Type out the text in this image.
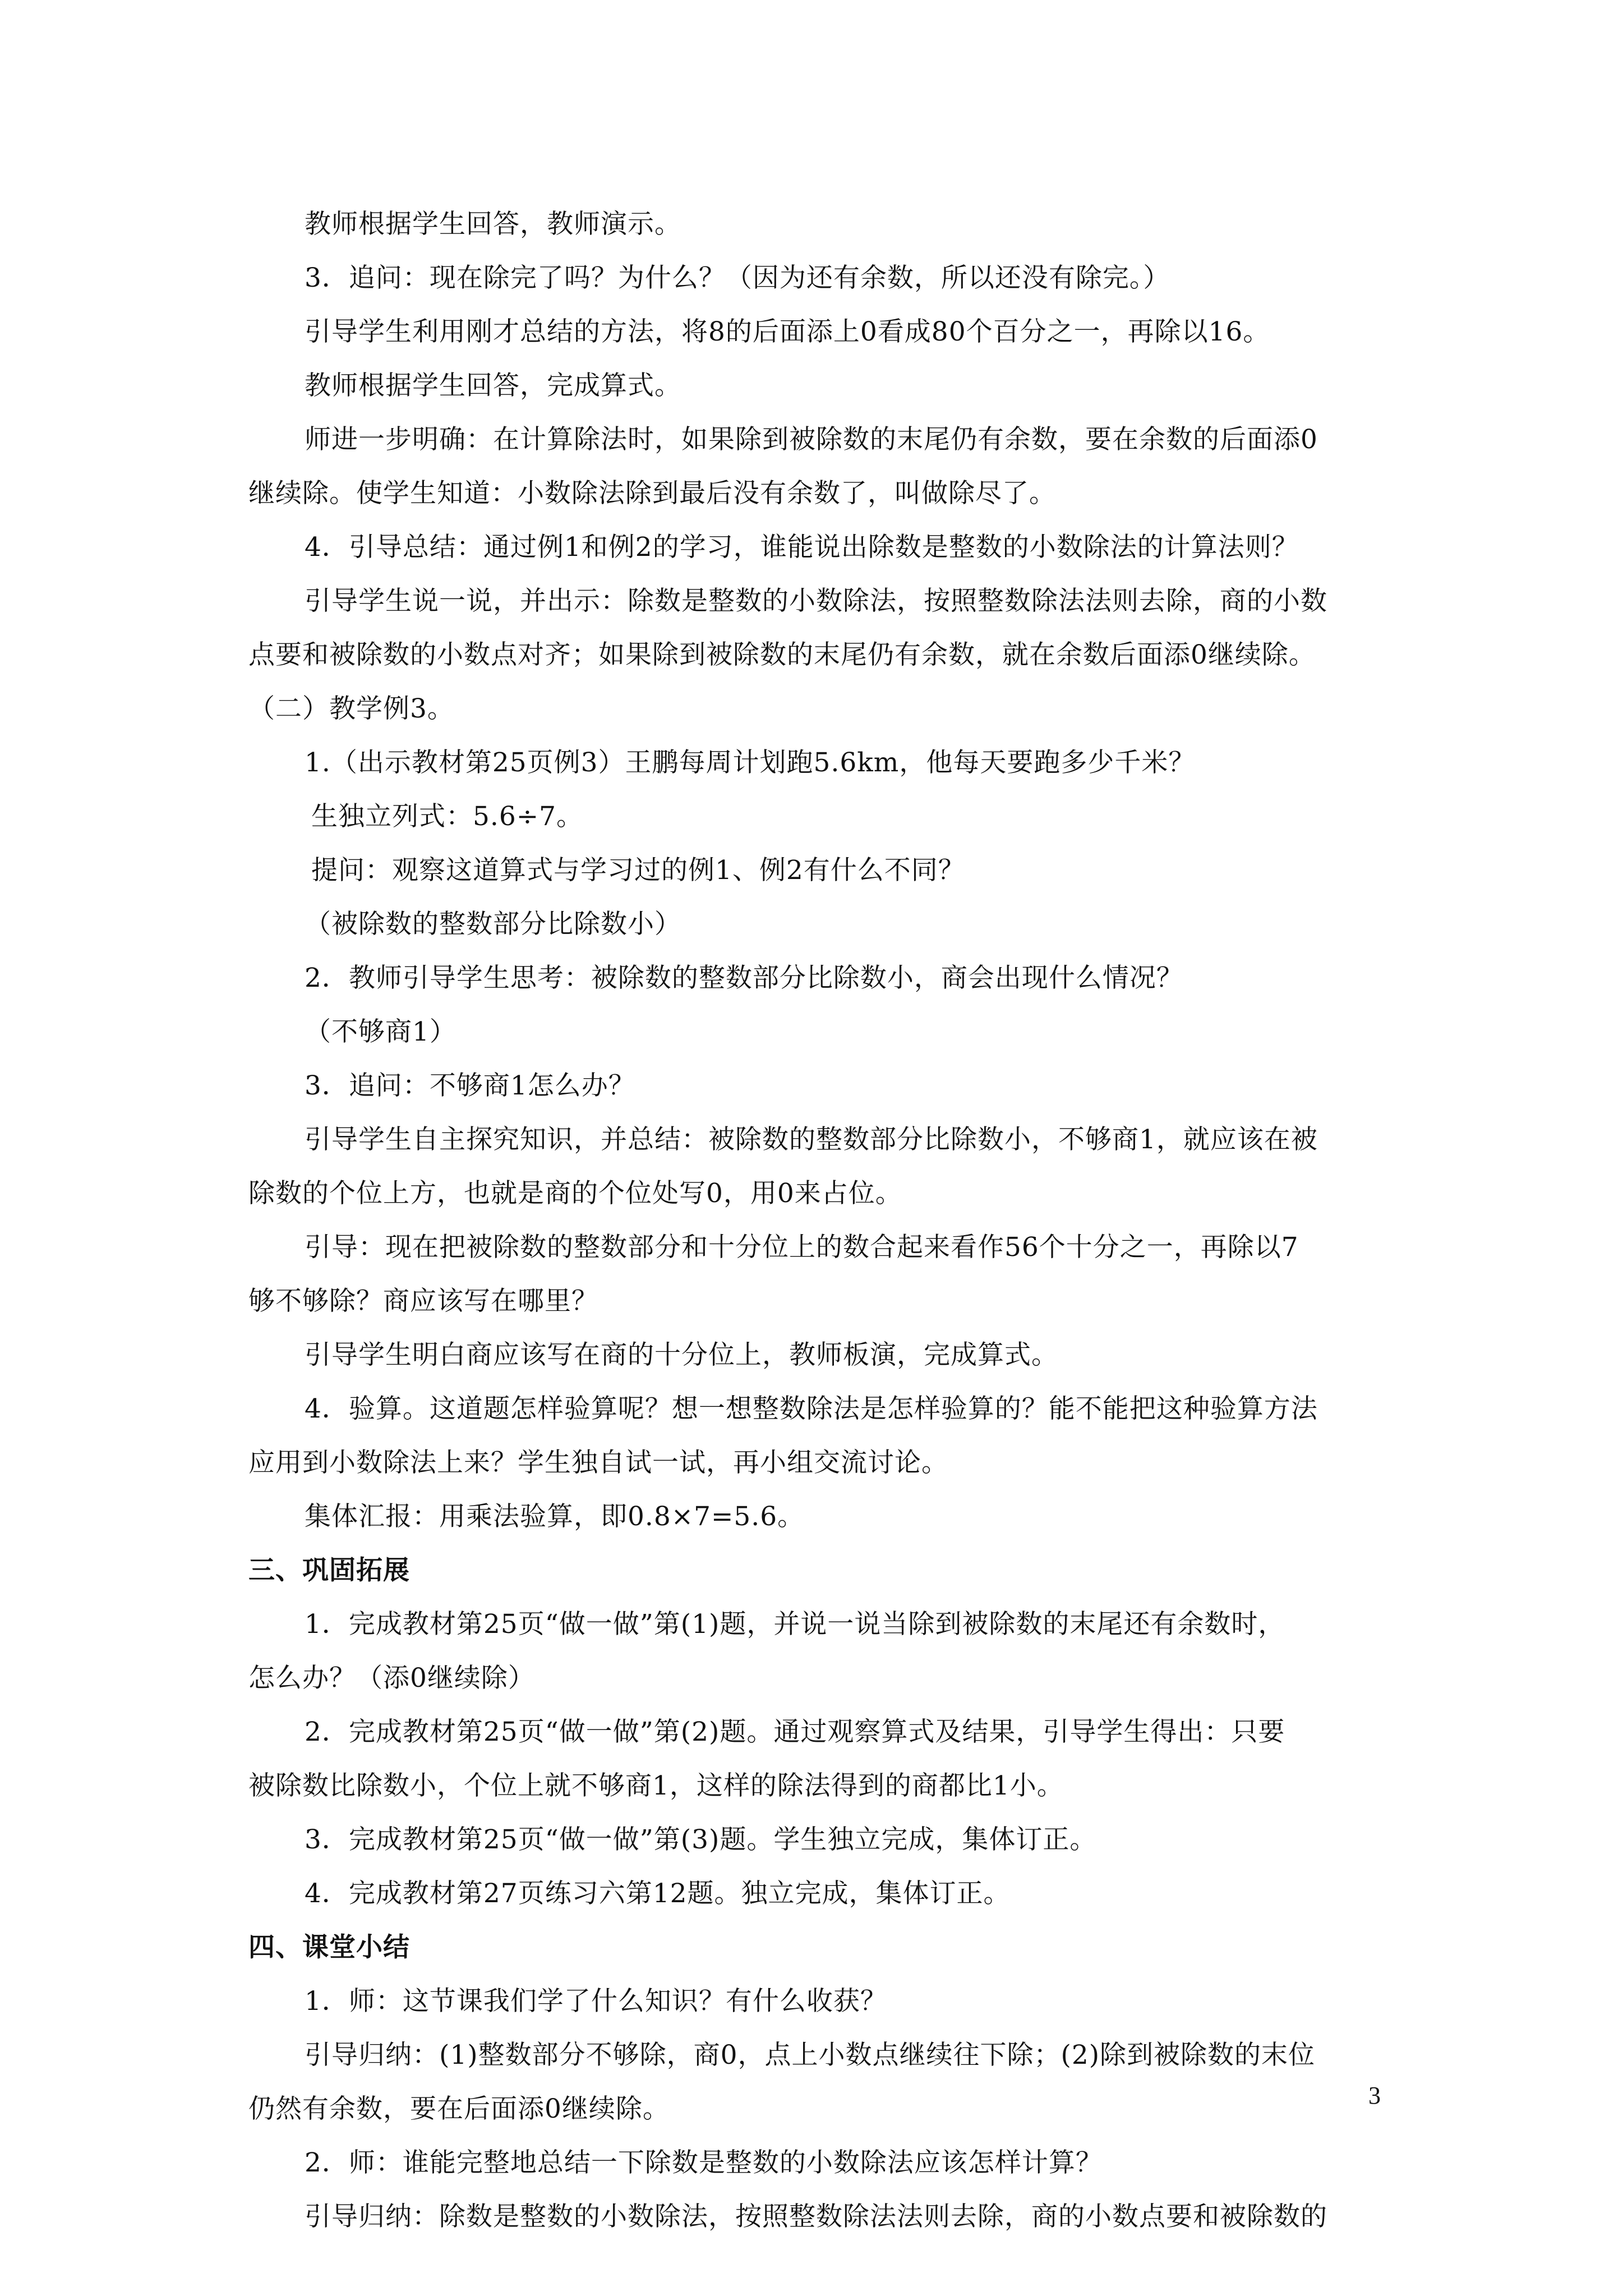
教师根据学生回答，教师演示。
3．追问：现在除完了吗？为什么？（因为还有余数，所以还没有除完。）
引导学生利用刚才总结的方法，将8的后面添上0看成80个百分之一，再除以16。
教师根据学生回答，完成算式。
师进一步明确：在计算除法时，如果除到被除数的末尾仍有余数，要在余数的后面添0
继续除。使学生知道：小数除法除到最后没有余数了，叫做除尽了。
4．引导总结：通过例1和例2的学习，谁能说出除数是整数的小数除法的计算法则？
引导学生说一说，并出示：除数是整数的小数除法，按照整数除法法则去除，商的小数
点要和被除数的小数点对齐；如果除到被除数的末尾仍有余数，就在余数后面添0继续除。
（二）教学例3。
1.（出示教材第25页例3）王鹏每周计划跑5.6km，他每天要跑多少千米？
生独立列式：5.6÷7。
提问：观察这道算式与学习过的例1、例2有什么不同？
（被除数的整数部分比除数小）
2．教师引导学生思考：被除数的整数部分比除数小，商会出现什么情况？
（不够商1）
3．追问：不够商1怎么办？
引导学生自主探究知识，并总结：被除数的整数部分比除数小，不够商1，就应该在被
除数的个位上方，也就是商的个位处写0，用0来占位。
引导：现在把被除数的整数部分和十分位上的数合起来看作56个十分之一，再除以7
够不够除？商应该写在哪里？
引导学生明白商应该写在商的十分位上，教师板演，完成算式。
4．验算。这道题怎样验算呢？想一想整数除法是怎样验算的？能不能把这种验算方法
应用到小数除法上来？学生独自试一试，再小组交流讨论。
集体汇报：用乘法验算，即0.8×7=5.6。
三、巩固拓展
1．完成教材第25页“做一做”第(1)题，并说一说当除到被除数的末尾还有余数时，
怎么办？（添0继续除）
2．完成教材第25页“做一做”第(2)题。通过观察算式及结果，引导学生得出：只要
被除数比除数小，个位上就不够商1，这样的除法得到的商都比1小。
3．完成教材第25页“做一做”第(3)题。学生独立完成，集体订正。
4．完成教材第27页练习六第12题。独立完成，集体订正。
四、课堂小结
1．师：这节课我们学了什么知识？有什么收获？
引导归纳：(1)整数部分不够除，商0，点上小数点继续往下除；(2)除到被除数的末位
仍然有余数，要在后面添0继续除。
2．师：谁能完整地总结一下除数是整数的小数除法应该怎样计算？
引导归纳：除数是整数的小数除法，按照整数除法法则去除，商的小数点要和被除数的
3
